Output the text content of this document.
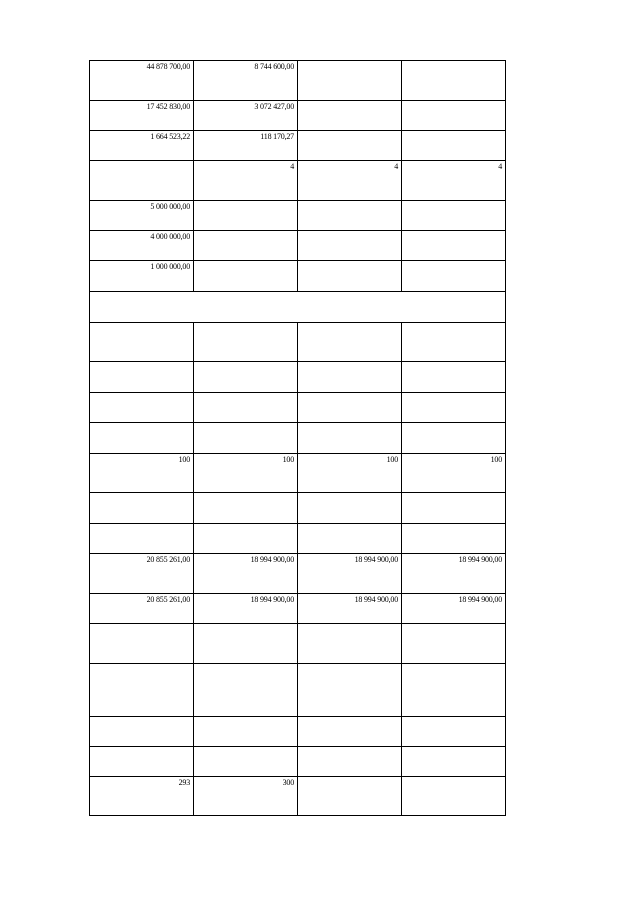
44 878 700,00	8 744 600,00		
17 452 830,00	3 072 427,00		
1 664 523,22	118 170,27		
	4	4	4
5 000 000,00			
4 000 000,00			
1 000 000,00			

100	100	100	100

20 855 261,00	18 994 900,00	18 994 900,00	18 994 900,00
20 855 261,00	18 994 900,00	18 994 900,00	18 994 900,00

293	300		
